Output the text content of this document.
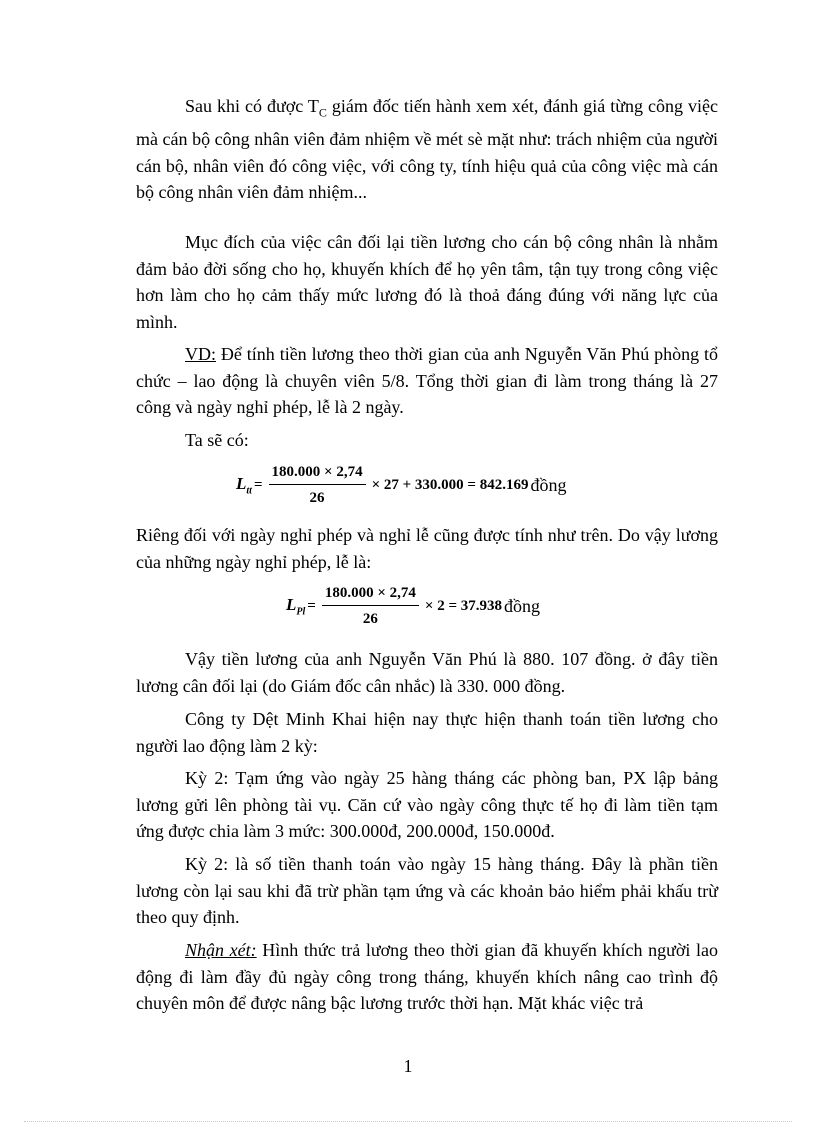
Sau khi có được $T_C$ giám đốc tiến hành xem xét, đánh giá từng công việc mà cán bộ công nhân viên đảm nhiệm về mét sè mặt như: trách nhiệm của người cán bộ, nhân viên đó công việc, với công ty, tính hiệu quả của công việc mà cán bộ công nhân viên đảm nhiệm...

Mục đích của việc cân đối lại tiền lương cho cán bộ công nhân là nhằm đảm bảo đời sống cho họ, khuyến khích để họ yên tâm, tận tụy trong công việc hơn làm cho họ cảm thấy mức lương đó là thoả đáng đúng với năng lực của mình.

VD: Để tính tiền lương theo thời gian của anh Nguyễn Văn Phú phòng tổ chức – lao động là chuyên viên 5/8. Tổng thời gian đi làm trong tháng là 27 công và ngày nghỉ phép, lễ là 2 ngày.

Ta sẽ có:

$L_{tt} = \frac{180.000 \times 2,74}{26} \times 27 + 330.000 = 842.169$ đồng

Riêng đối với ngày nghỉ phép và nghỉ lễ cũng được tính như trên. Do vậy lương của những ngày nghỉ phép, lễ là:

$L_{Pl} = \frac{180.000 \times 2,74}{26} \times 2 = 37.938$ đồng

Vậy tiền lương của anh Nguyễn Văn Phú là 880. 107 đồng. ở đây tiền lương cân đối lại (do Giám đốc cân nhắc) là 330. 000 đồng.

Công ty Dệt Minh Khai hiện nay thực hiện thanh toán tiền lương cho người lao động làm 2 kỳ:

Kỳ 2: Tạm ứng vào ngày 25 hàng tháng các phòng ban, PX lập bảng lương gửi lên phòng tài vụ. Căn cứ vào ngày công thực tế họ đi làm tiền tạm ứng được chia làm 3 mức: 300.000đ, 200.000đ, 150.000đ.

Kỳ 2: là số tiền thanh toán vào ngày 15 hàng tháng. Đây là phần tiền lương còn lại sau khi đã trừ phần tạm ứng và các khoản bảo hiểm phải khấu trừ theo quy định.

Nhận xét: Hình thức trả lương theo thời gian đã khuyến khích người lao động đi làm đầy đủ ngày công trong tháng, khuyến khích nâng cao trình độ chuyên môn để được nâng bậc lương trước thời hạn. Mặt khác việc trả

1
